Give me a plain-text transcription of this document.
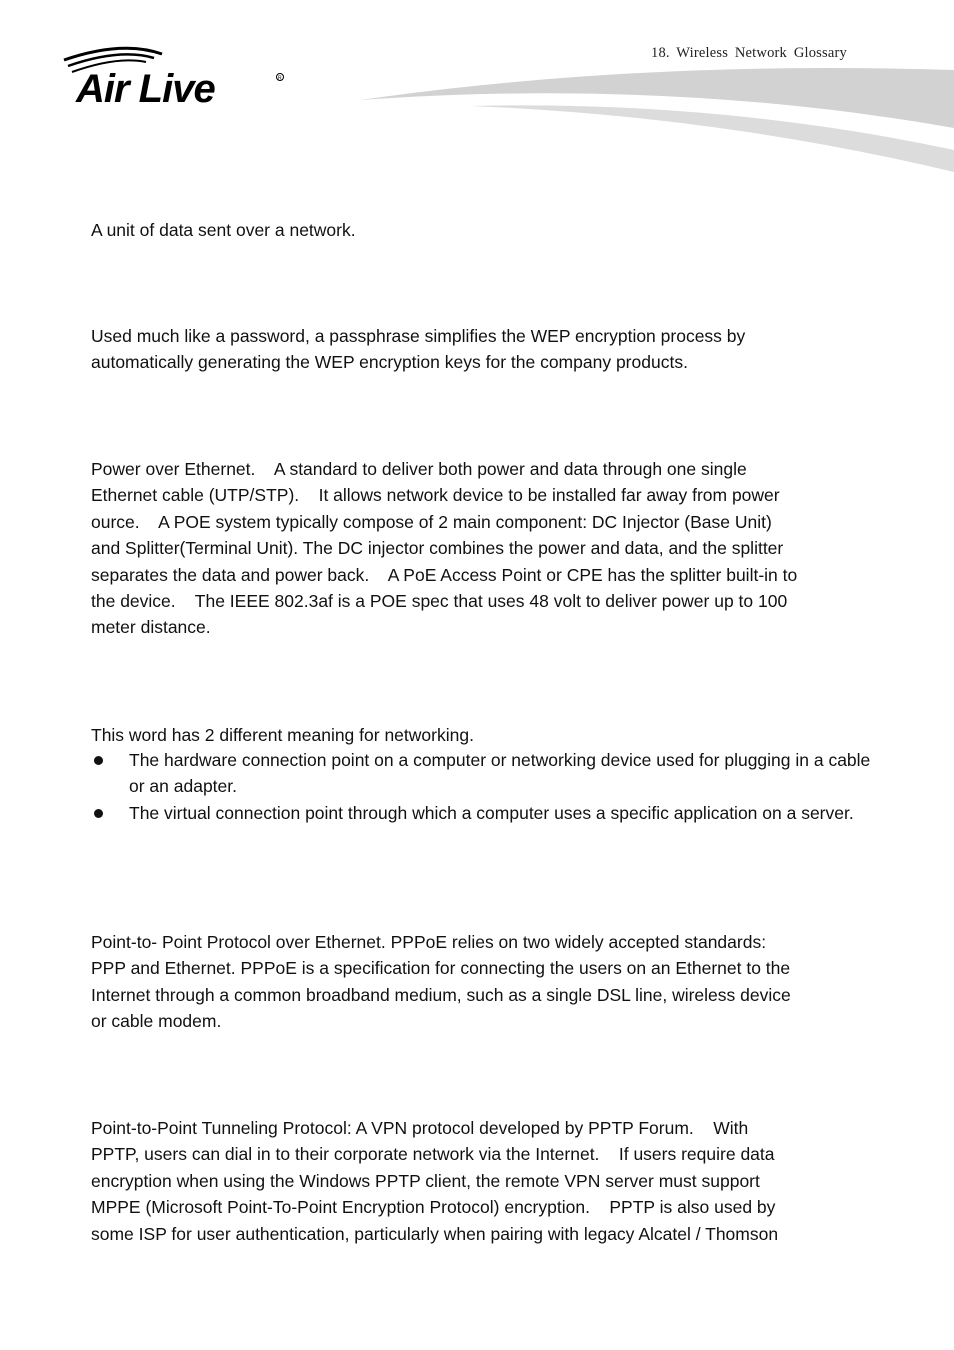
Air Live	R
18. Wireless Network Glossary
A unit of data sent over a network.
Used much like a password, a passphrase simplifies the WEP encryption process by
automatically generating the WEP encryption keys for the company products.
Power over Ethernet.    A standard to deliver both power and data through one single
Ethernet cable (UTP/STP).    It allows network device to be installed far away from power
ource.    A POE system typically compose of 2 main component: DC Injector (Base Unit)
and Splitter(Terminal Unit). The DC injector combines the power and data, and the splitter
separates the data and power back.    A PoE Access Point or CPE has the splitter built-in to
the device.    The IEEE 802.3af is a POE spec that uses 48 volt to deliver power up to 100
meter distance.
This word has 2 different meaning for networking.
The hardware connection point on a computer or networking device used for plugging in a cable or an adapter.
The virtual connection point through which a computer uses a specific application on a server.
Point-to- Point Protocol over Ethernet. PPPoE relies on two widely accepted standards:
PPP and Ethernet. PPPoE is a specification for connecting the users on an Ethernet to the
Internet through a common broadband medium, such as a single DSL line, wireless device
or cable modem.
Point-to-Point Tunneling Protocol: A VPN protocol developed by PPTP Forum.    With
PPTP, users can dial in to their corporate network via the Internet.    If users require data
encryption when using the Windows PPTP client, the remote VPN server must support
MPPE (Microsoft Point-To-Point Encryption Protocol) encryption.    PPTP is also used by
some ISP for user authentication, particularly when pairing with legacy Alcatel / Thomson
